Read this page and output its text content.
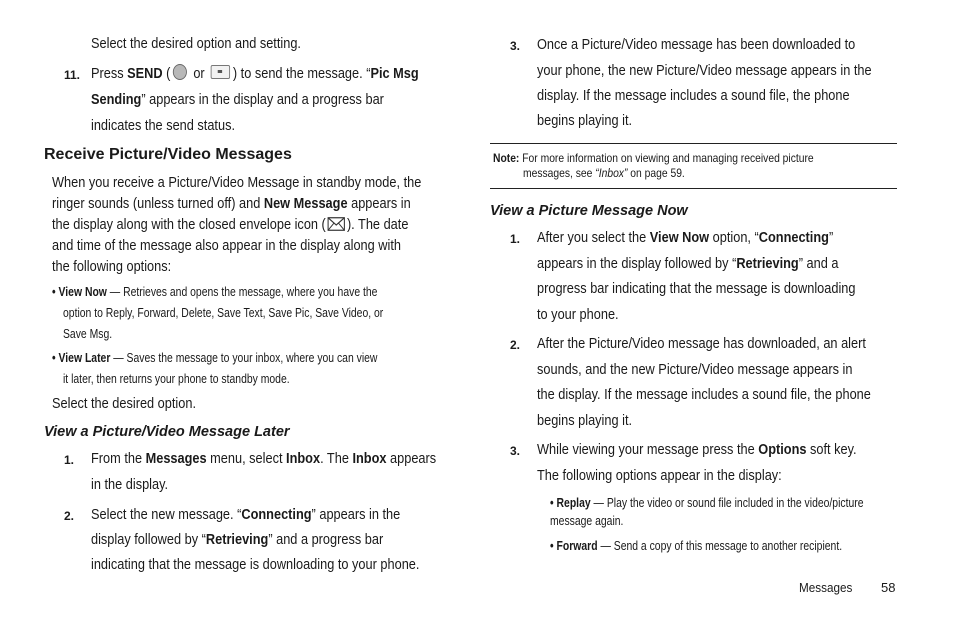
Select the desired option and setting.

11. Press SEND ( or ) to send the message. “Pic Msg

Sending” appears in the display and a progress bar

indicates the send status.

Receive Picture/Video Messages

When you receive a Picture/Video Message in standby mode, the

ringer sounds (unless turned off) and New Message appears in

the display along with the closed envelope icon ( ). The date

and time of the message also appear in the display along with

the following options:

• View Now — Retrieves and opens the message, where you have the

option to Reply, Forward, Delete, Save Text, Save Pic, Save Video, or

Save Msg.

• View Later — Saves the message to your inbox, where you can view

it later, then returns your phone to standby mode.

Select the desired option.

View a Picture/Video Message Later
1. From the Messages menu, select Inbox. The Inbox appears

in the display.

2. Select the new message. “Connecting” appears in the

display followed by “Retrieving” and a progress bar

indicating that the message is downloading to your phone.

3. Once a Picture/Video message has been downloaded to

your phone, the new Picture/Video message appears in the

display. If the message includes a sound file, the phone

begins playing it.

Note: For more information on viewing and managing received picture

messages, see “Inbox” on page 59.

View a Picture Message Now
1. After you select the View Now option, “Connecting”

appears in the display followed by “Retrieving” and a

progress bar indicating that the message is downloading

to your phone.

2. After the Picture/Video message has downloaded, an alert

sounds, and the new Picture/Video message appears in

the display. If the message includes a sound file, the phone

begins playing it.

3. While viewing your message press the Options soft key.

The following options appear in the display:

• Replay — Play the video or sound file included in the video/picture

message again.

• Forward — Send a copy of this message to another recipient.

Messages	58
